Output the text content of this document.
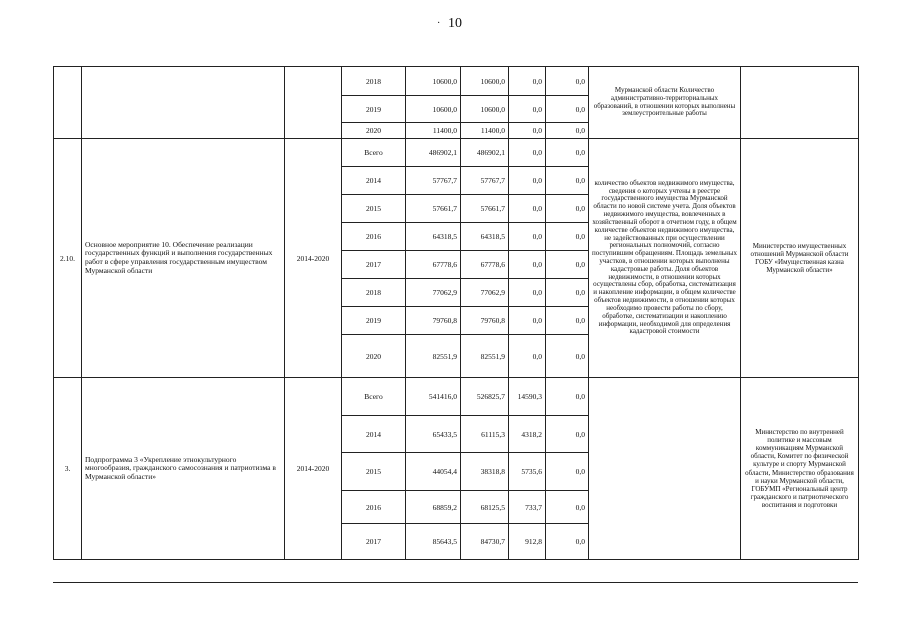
· 10
			2018	10600,0	10600,0	0,0	0,0	Мурманской области Количество административно-территориальных образований, в отношении которых выполнены землеустроительные работы	
			2019	10600,0	10600,0	0,0	0,0		
			2020	11400,0	11400,0	0,0	0,0		
2.10.	Основное мероприятие 10. Обеспечение реализации государственных функций и выполнения государственных работ в сфере управления государственным имуществом Мурманской области	2014-2020	Всего	486902,1	486902,1	0,0	0,0	количество объектов недвижимого имущества, сведения о которых учтены в реестре государственного имущества Мурманской области по новой системе учета. Доля объектов недвижимого имущества, вовлеченных в хозяйственный оборот в отчетном году, в общем количестве объектов недвижимого имущества, не задействованных при осуществлении региональных полномочий, согласно поступившим обращениям. Площадь земельных участков, в отношении которых выполнены кадастровые работы. Доля объектов недвижимости, в отношении которых осуществлены сбор, обработка, систематизация и накопление информации, в общем количестве объектов недвижимости, в отношении которых необходимо провести работы по сбору, обработке, систематизации и накоплению информации, необходимой для определения кадастровой стоимости	Министерство имущественных отношений Мурманской области ГОБУ «Имущественная казна Мурманской области»
			2014	57767,7	57767,7	0,0	0,0		
			2015	57661,7	57661,7	0,0	0,0		
			2016	64318,5	64318,5	0,0	0,0		
			2017	67778,6	67778,6	0,0	0,0		
			2018	77062,9	77062,9	0,0	0,0		
			2019	79760,8	79760,8	0,0	0,0		
			2020	82551,9	82551,9	0,0	0,0		
3.	Подпрограмма 3 «Укрепление этнокультурного многообразия, гражданского самосознания и патриотизма в Мурманской области»	2014-2020	Всего	541416,0	526825,7	14590,3	0,0		Министерство по внутренней политике и массовым коммуникациям Мурманской области, Комитет по физической культуре и спорту Мурманской области, Министерство образования и науки Мурманской области, ГОБУМП «Региональный центр гражданского и патриотического воспитания и подготовки
			2014	65433,5	61115,3	4318,2	0,0		
			2015	44054,4	38318,8	5735,6	0,0		
			2016	68859,2	68125,5	733,7	0,0		
			2017	85643,5	84730,7	912,8	0,0		
